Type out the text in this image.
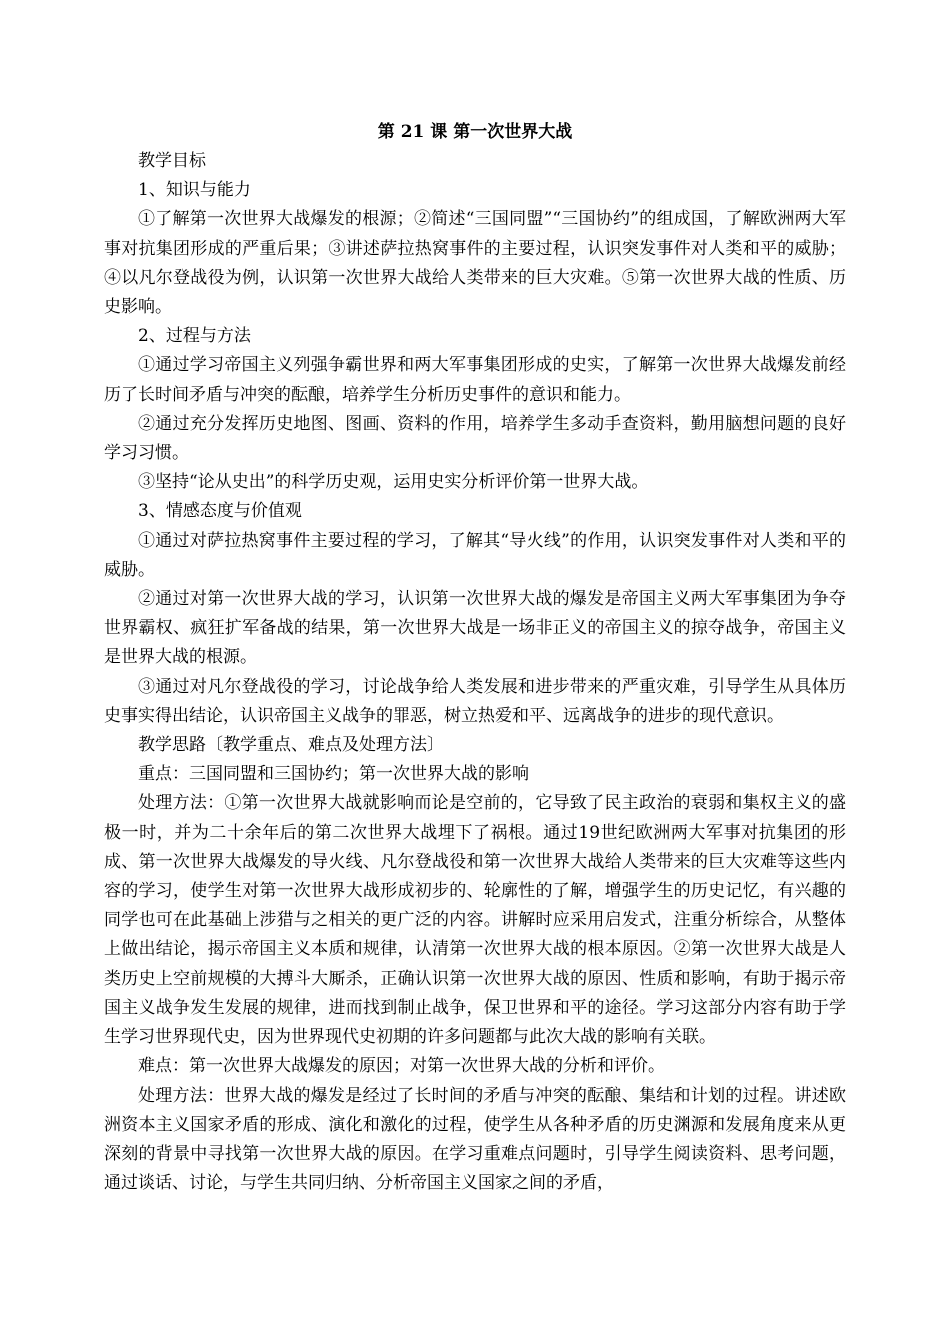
第 21 课 第一次世界大战

教学目标

1、知识与能力

①了解第一次世界大战爆发的根源；②简述“三国同盟”“三国协约”的组成国，了解欧洲两大军事对抗集团形成的严重后果；③讲述萨拉热窝事件的主要过程，认识突发事件对人类和平的威胁；④以凡尔登战役为例，认识第一次世界大战给人类带来的巨大灾难。⑤第一次世界大战的性质、历史影响。

2、过程与方法

①通过学习帝国主义列强争霸世界和两大军事集团形成的史实，了解第一次世界大战爆发前经历了长时间矛盾与冲突的酝酿，培养学生分析历史事件的意识和能力。

②通过充分发挥历史地图、图画、资料的作用，培养学生多动手查资料，勤用脑想问题的良好学习习惯。

③坚持“论从史出”的科学历史观，运用史实分析评价第一世界大战。

3、情感态度与价值观

①通过对萨拉热窝事件主要过程的学习，了解其“导火线”的作用，认识突发事件对人类和平的威胁。

②通过对第一次世界大战的学习，认识第一次世界大战的爆发是帝国主义两大军事集团为争夺世界霸权、疯狂扩军备战的结果，第一次世界大战是一场非正义的帝国主义的掠夺战争，帝国主义是世界大战的根源。

③通过对凡尔登战役的学习，讨论战争给人类发展和进步带来的严重灾难，引导学生从具体历史事实得出结论，认识帝国主义战争的罪恶，树立热爱和平、远离战争的进步的现代意识。

教学思路〔教学重点、难点及处理方法〕

重点：三国同盟和三国协约；第一次世界大战的影响

处理方法：①第一次世界大战就影响而论是空前的，它导致了民主政治的衰弱和集权主义的盛极一时，并为二十余年后的第二次世界大战埋下了祸根。通过19世纪欧洲两大军事对抗集团的形成、第一次世界大战爆发的导火线、凡尔登战役和第一次世界大战给人类带来的巨大灾难等这些内容的学习，使学生对第一次世界大战形成初步的、轮廓性的了解，增强学生的历史记忆，有兴趣的同学也可在此基础上涉猎与之相关的更广泛的内容。讲解时应采用启发式，注重分析综合，从整体上做出结论，揭示帝国主义本质和规律，认清第一次世界大战的根本原因。②第一次世界大战是人类历史上空前规模的大搏斗大厮杀，正确认识第一次世界大战的原因、性质和影响，有助于揭示帝国主义战争发生发展的规律，进而找到制止战争，保卫世界和平的途径。学习这部分内容有助于学生学习世界现代史，因为世界现代史初期的许多问题都与此次大战的影响有关联。

难点：第一次世界大战爆发的原因；对第一次世界大战的分析和评价。

处理方法：世界大战的爆发是经过了长时间的矛盾与冲突的酝酿、集结和计划的过程。讲述欧洲资本主义国家矛盾的形成、演化和激化的过程，使学生从各种矛盾的历史渊源和发展角度来从更深刻的背景中寻找第一次世界大战的原因。在学习重难点问题时，引导学生阅读资料、思考问题，通过谈话、讨论，与学生共同归纳、分析帝国主义国家之间的矛盾，
